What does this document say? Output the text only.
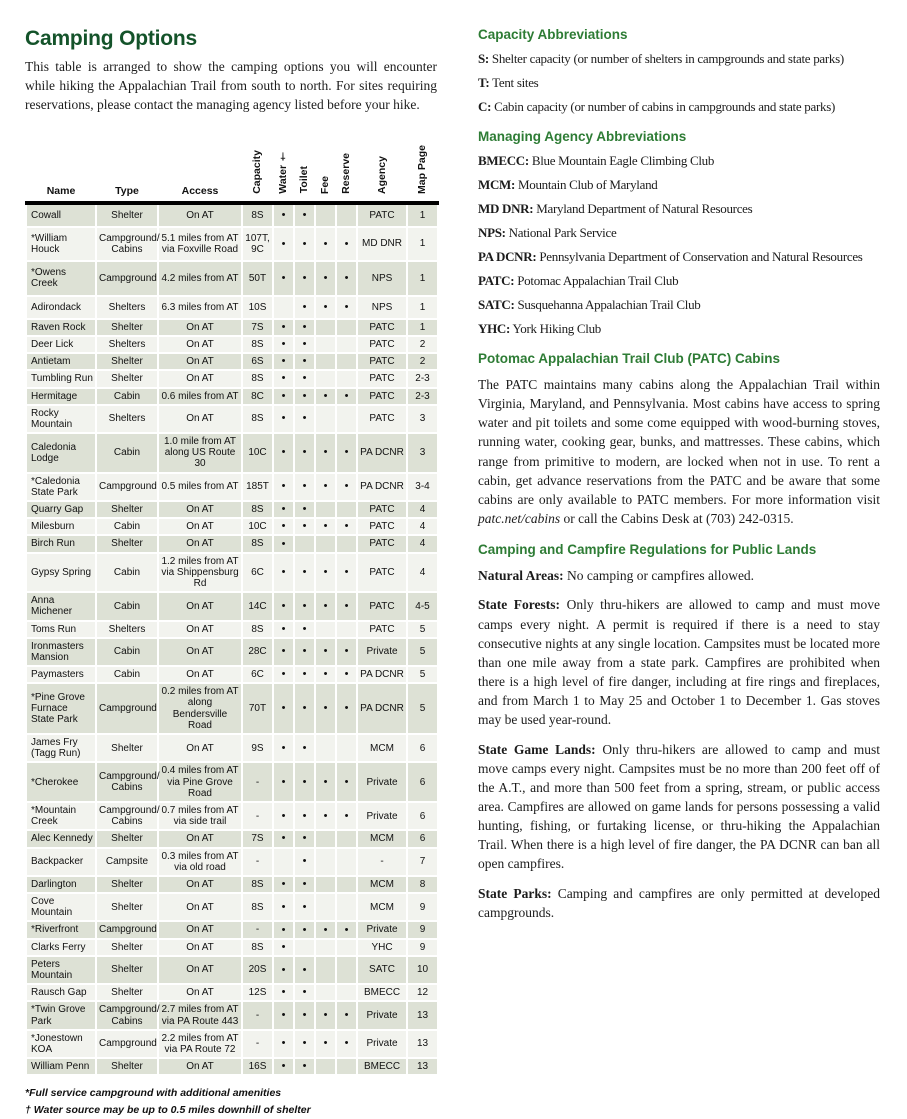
Camping Options

This table is arranged to show the camping options you will encounter while hiking the Appalachian Trail from south to north. For sites requiring reservations, please contact the managing agency listed before your hike.

Name	Type	Access	Capacity	Water †	Toilet	Fee	Reserve	Agency	Map Page
Cowall	Shelter	On AT	8S	•	•			PATC	1
*William Houck	Campground/ Cabins	5.1 miles from AT via Foxville Road	107T, 9C	•	•	•	•	MD DNR	1
*Owens Creek	Campground	4.2 miles from AT	50T	•	•	•	•	NPS	1
Adirondack	Shelters	6.3 miles from AT	10S		•	•	•	NPS	1
Raven Rock	Shelter	On AT	7S	•	•			PATC	1
Deer Lick	Shelters	On AT	8S	•	•			PATC	2
Antietam	Shelter	On AT	6S	•	•			PATC	2
Tumbling Run	Shelter	On AT	8S	•	•			PATC	2-3
Hermitage	Cabin	0.6 miles from AT	8C	•	•	•	•	PATC	2-3
Rocky Mountain	Shelters	On AT	8S	•	•			PATC	3
Caledonia Lodge	Cabin	1.0 mile from AT along US Route 30	10C	•	•	•	•	PA DCNR	3
*Caledonia State Park	Campground	0.5 miles from AT	185T	•	•	•	•	PA DCNR	3-4
Quarry Gap	Shelter	On AT	8S	•	•			PATC	4
Milesburn	Cabin	On AT	10C	•	•	•	•	PATC	4
Birch Run	Shelter	On AT	8S	•				PATC	4
Gypsy Spring	Cabin	1.2 miles from AT via Shippensburg Rd	6C	•	•	•	•	PATC	4
Anna Michener	Cabin	On AT	14C	•	•	•	•	PATC	4-5
Toms Run	Shelters	On AT	8S	•	•			PATC	5
Ironmasters Mansion	Cabin	On AT	28C	•	•	•	•	Private	5
Paymasters	Cabin	On AT	6C	•	•	•	•	PA DCNR	5
*Pine Grove Furnace State Park	Campground	0.2 miles from AT along Bendersville Road	70T	•	•	•	•	PA DCNR	5
James Fry (Tagg Run)	Shelter	On AT	9S	•	•			MCM	6
*Cherokee	Campground/ Cabins	0.4 miles from AT via Pine Grove Road	-	•	•	•	•	Private	6
*Mountain Creek	Campground/ Cabins	0.7 miles from AT via side trail	-	•	•	•	•	Private	6
Alec Kennedy	Shelter	On AT	7S	•	•			MCM	6
Backpacker	Campsite	0.3 miles from AT via old road	-		•			-	7
Darlington	Shelter	On AT	8S	•	•			MCM	8
Cove Mountain	Shelter	On AT	8S	•	•			MCM	9
*Riverfront	Campground	On AT	-	•	•	•	•	Private	9
Clarks Ferry	Shelter	On AT	8S	•				YHC	9
Peters Mountain	Shelter	On AT	20S	•	•			SATC	10
Rausch Gap	Shelter	On AT	12S	•	•			BMECC	12
*Twin Grove Park	Campground/ Cabins	2.7 miles from AT via PA Route 443	-	•	•	•	•	Private	13
*Jonestown KOA	Campground	2.2 miles from AT via PA Route 72	-	•	•	•	•	Private	13
William Penn	Shelter	On AT	16S	•	•			BMECC	13
*Full service campground with additional amenities
† Water source may be up to 0.5 miles downhill of shelter
Capacity Abbreviations

S: Shelter capacity (or number of shelters in campgrounds and state parks)

T: Tent sites

C: Cabin capacity (or number of cabins in campgrounds and state parks)

Managing Agency Abbreviations

BMECC: Blue Mountain Eagle Climbing Club

MCM: Mountain Club of Maryland

MD DNR: Maryland Department of Natural Resources

NPS: National Park Service

PA DCNR: Pennsylvania Department of Conservation and Natural Resources

PATC: Potomac Appalachian Trail Club

SATC: Susquehanna Appalachian Trail Club

YHC: York Hiking Club

Potomac Appalachian Trail Club (PATC) Cabins

The PATC maintains many cabins along the Appalachian Trail within Virginia, Maryland, and Pennsylvania. Most cabins have access to spring water and pit toilets and some come equipped with wood-burning stoves, running water, cooking gear, bunks, and mattresses. These cabins, which range from primitive to modern, are locked when not in use. To rent a cabin, get advance reservations from the PATC and be aware that some cabins are only available to PATC members. For more information visit patc.net/cabins or call the Cabins Desk at (703) 242-0315.

Camping and Campfire Regulations for Public Lands

Natural Areas: No camping or campfires allowed.

State Forests: Only thru-hikers are allowed to camp and must move camps every night. A permit is required if there is a need to stay consecutive nights at any single location. Campsites must be located more than one mile away from a state park. Campfires are prohibited when there is a high level of fire danger, including at fire rings and fireplaces, and from March 1 to May 25 and October 1 to December 1. Gas stoves may be used year-round.

State Game Lands: Only thru-hikers are allowed to camp and must move camps every night. Campsites must be no more than 200 feet off of the A.T., and more than 500 feet from a spring, stream, or public access area. Campfires are allowed on game lands for persons possessing a valid hunting, fishing, or furtaking license, or thru-hiking the Appalachian Trail. When there is a high level of fire danger, the PA DCNR can ban all open campfires.

State Parks: Camping and campfires are only permitted at developed campgrounds.
